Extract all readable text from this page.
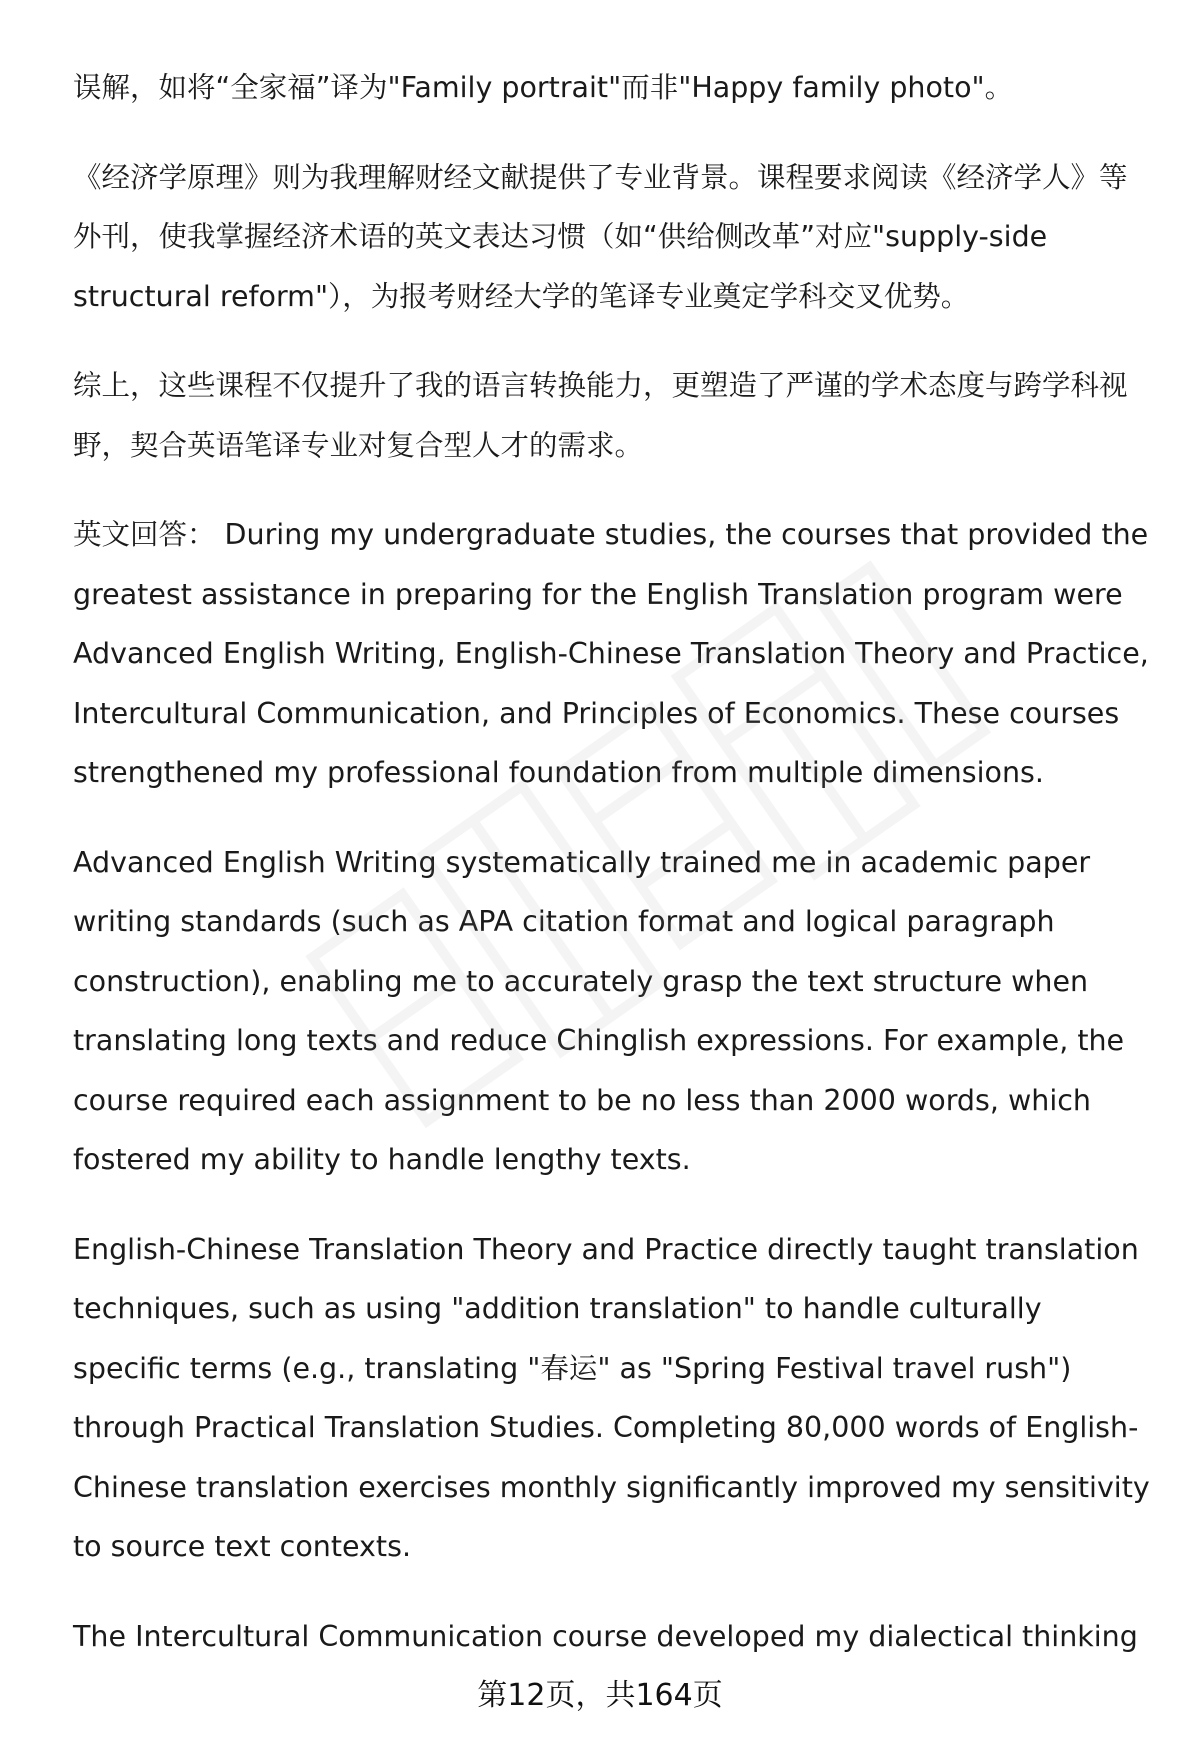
误解，如将“全家福”译为"Family portrait"而非"Happy family photo"。

《经济学原理》则为我理解财经文献提供了专业背景。课程要求阅读《经济学人》等外刊，使我掌握经济术语的英文表达习惯（如“供给侧改革”对应"supply-side structural reform"），为报考财经大学的笔译专业奠定学科交叉优势。

综上，这些课程不仅提升了我的语言转换能力，更塑造了严谨的学术态度与跨学科视野，契合英语笔译专业对复合型人才的需求。

英文回答： During my undergraduate studies, the courses that provided the greatest assistance in preparing for the English Translation program were Advanced English Writing, English-Chinese Translation Theory and Practice, Intercultural Communication, and Principles of Economics. These courses strengthened my professional foundation from multiple dimensions.

Advanced English Writing systematically trained me in academic paper writing standards (such as APA citation format and logical paragraph construction), enabling me to accurately grasp the text structure when translating long texts and reduce Chinglish expressions. For example, the course required each assignment to be no less than 2000 words, which fostered my ability to handle lengthy texts.

English-Chinese Translation Theory and Practice directly taught translation techniques, such as using "addition translation" to handle culturally specific terms (e.g., translating "春运" as "Spring Festival travel rush") through Practical Translation Studies. Completing 80,000 words of English-Chinese translation exercises monthly significantly improved my sensitivity to source text contexts.

The Intercultural Communication course developed my dialectical thinking

第12页，共164页
